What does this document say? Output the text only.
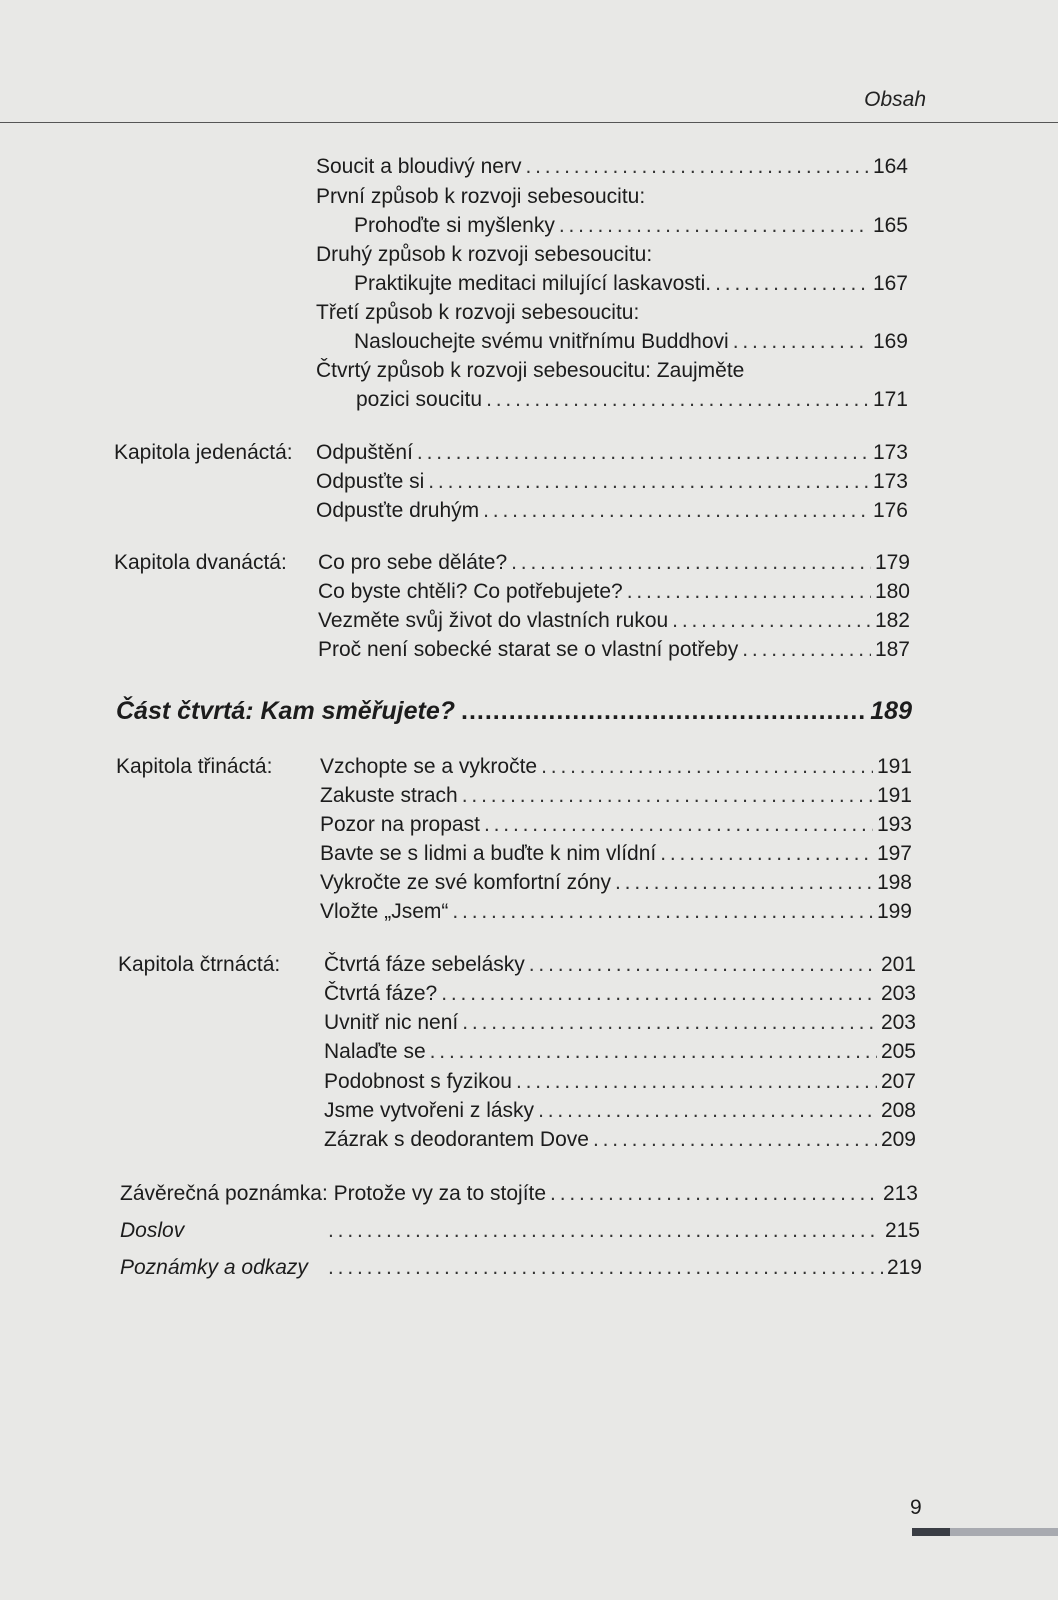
Obsah
Soucit a bloudivý nerv . . .	164
První způsob k rozvoji sebesoucitu:
Prohoďte si myšlenky . . .	165
Druhý způsob k rozvoji sebesoucitu:
Praktikujte meditaci milující laskavosti. . . .	167
Třetí způsob k rozvoji sebesoucitu:
Naslouchejte svému vnitřnímu Buddhovi . . .	169
Čtvrtý způsob k rozvoji sebesoucitu: Zaujměte
pozici soucitu . . .	171
Kapitola jedenáctá: Odpuštění . . .	173
Odpusťte si . . .	173
Odpusťte druhým . . .	176
Kapitola dvanáctá: Co pro sebe děláte? . . .	179
Co byste chtěli? Co potřebujete? . . .	180
Vezměte svůj život do vlastních rukou . . .	182
Proč není sobecké starat se o vlastní potřeby . . .	187
Část čtvrtá: Kam směřujete? .....	189
Kapitola třináctá: Vzchopte se a vykročte . . .	191
Zakuste strach . . .	191
Pozor na propast . . .	193
Bavte se s lidmi a buďte k nim vlídní . . .	197
Vykročte ze své komfortní zóny . . .	198
Vložte „Jsem“ . . .	199
Kapitola čtrnáctá: Čtvrtá fáze sebelásky . . .	201
Čtvrtá fáze? . . .	203
Uvnitř nic není . . .	203
Nalaďte se . . .	205
Podobnost s fyzikou . . .	207
Jsme vytvořeni z lásky . . .	208
Zázrak s deodorantem Dove . . .	209
Závěrečná poznámka: Protože vy za to stojíte . . .	213
Doslov . . .	215
Poznámky a odkazy . . .	219
9
